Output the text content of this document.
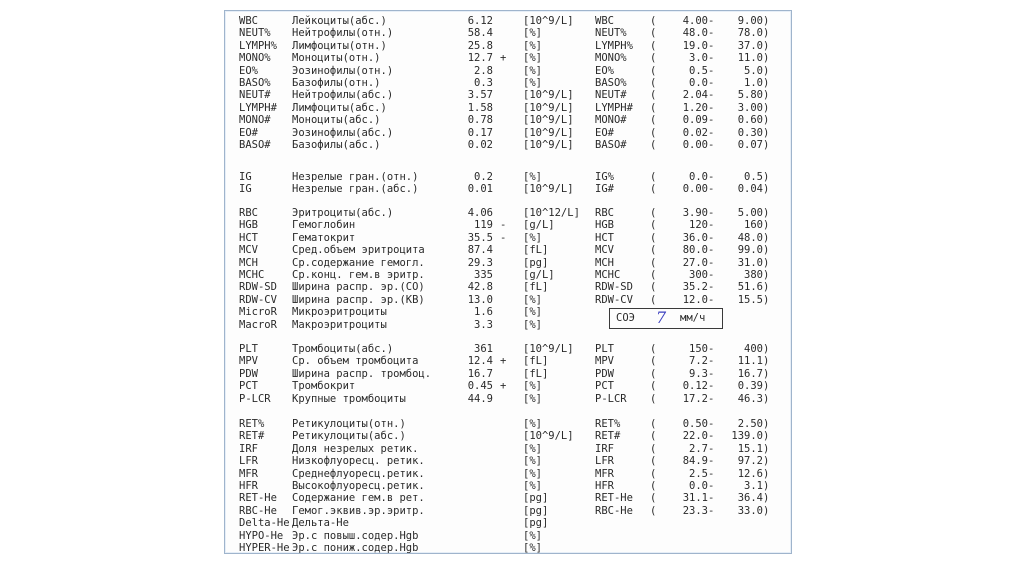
WBC	Лейкоциты(абс.)	6.12	[10^9/L] WBC	(	4.00 -	9.00 )
NEUT% Нейтрофилы(отн.)	58.4	[%]	NEUT% (	48.0 -	78.0 )
LYMPH% Лимфоциты(отн.)	25.8	[%]	LYMPH% (	19.0 -	37.0 )
MONO% Моноциты(отн.)	12.7 + [%]	MONO% (	3.0 -	11.0 )
EO%	Эозинофилы(отн.)	2.8	[%]	EO%	(	0.5 -	5.0 )
BASO% Базофилы(отн.)	0.3	[%]	BASO% (	0.0 -	1.0 )
NEUT# Нейтрофилы(абс.)	3.57	[10^9/L] NEUT# (	2.04 -	5.80 )
LYMPH# Лимфоциты(абс.)	1.58	[10^9/L] LYMPH# (	1.20 -	3.00 )
MONO# Моноциты(абс.)	0.78	[10^9/L] MONO# (	0.09 -	0.60 )
EO#	Эозинофилы(абс.)	0.17	[10^9/L] EO#	(	0.02 -	0.30 )
BASO# Базофилы(абс.)	0.02	[10^9/L] BASO# (	0.00 -	0.07 )
IG	Незрелые гран.(отн.)	0.2	[%]	IG%	(	0.0 -	0.5 )
IG	Незрелые гран.(абс.)	0.01	[10^9/L] IG#	(	0.00 -	0.04 )
RBC	Эритроциты(абс.)	4.06	[10^12/L] RBC	(	3.90 -	5.00 )
HGB	Гемоглобин	119 - [g/L]	HGB	(	120 -	160 )
HCT	Гематокрит	35.5 - [%]	HCT	(	36.0 -	48.0 )
MCV	Сред.объем эритроцита	87.4	[fL]	MCV	(	80.0 -	99.0 )
MCH	Ср.содержание гемогл.	29.3	[pg]	MCH	(	27.0 -	31.0 )
MCHC	Ср.конц. гем.в эритр.	335	[g/L]	MCHC	(	300 -	380 )
RDW-SD Ширина распр. эр.(СО)	42.8	[fL]	RDW-SD (	35.2 -	51.6 )
RDW-CV Ширина распр. эр.(КВ)	13.0	[%]	RDW-CV (	12.0 -	15.5 )
MicroR Микроэритроциты	1.6	[%]
MacroR Макроэритроциты	3.3	[%]
PLT	Тромбоциты(абс.)	361	[10^9/L] PLT	(	150 -	400 )
MPV	Ср. объем тромбоцита	12.4 + [fL]	MPV	(	7.2 -	11.1 )
PDW	Ширина распр. тромбоц.	16.7	[fL]	PDW	(	9.3 -	16.7 )
PCT	Тромбокрит	0.45 + [%]	PCT	(	0.12 -	0.39 )
P-LCR Крупные тромбоциты	44.9	[%]	P-LCR (	17.2 -	46.3 )
RET%	Ретикулоциты(отн.)	[%]	RET%	(	0.50 -	2.50 )
RET#	Ретикулоциты(абс.)	[10^9/L] RET#	(	22.0 -	139.0 )
IRF	Доля незрелых ретик.	[%]	IRF	(	2.7 -	15.1 )
LFR	Низкофлуоресц. ретик.	[%]	LFR	(	84.9 -	97.2 )
MFR	Среднефлуоресц.ретик.	[%]	MFR	(	2.5 -	12.6 )
HFR	Высокофлуоресц.ретик.	[%]	HFR	(	0.0 -	3.1 )
RET-He Содержание гем.в рет.	[pg]	RET-He (	31.1 -	36.4 )
RBC-He Гемог.эквив.эр.эритр.	[pg]	RBC-He (	23.3 -	33.0 )
Delta-He Дельта-Не	[pg]
HYPO-He Эр.с повыш.содер.Hgb	[%]
HYPER-He Эр.с пониж.содер.Hgb	[%]
СОЭ 7 мм/ч
